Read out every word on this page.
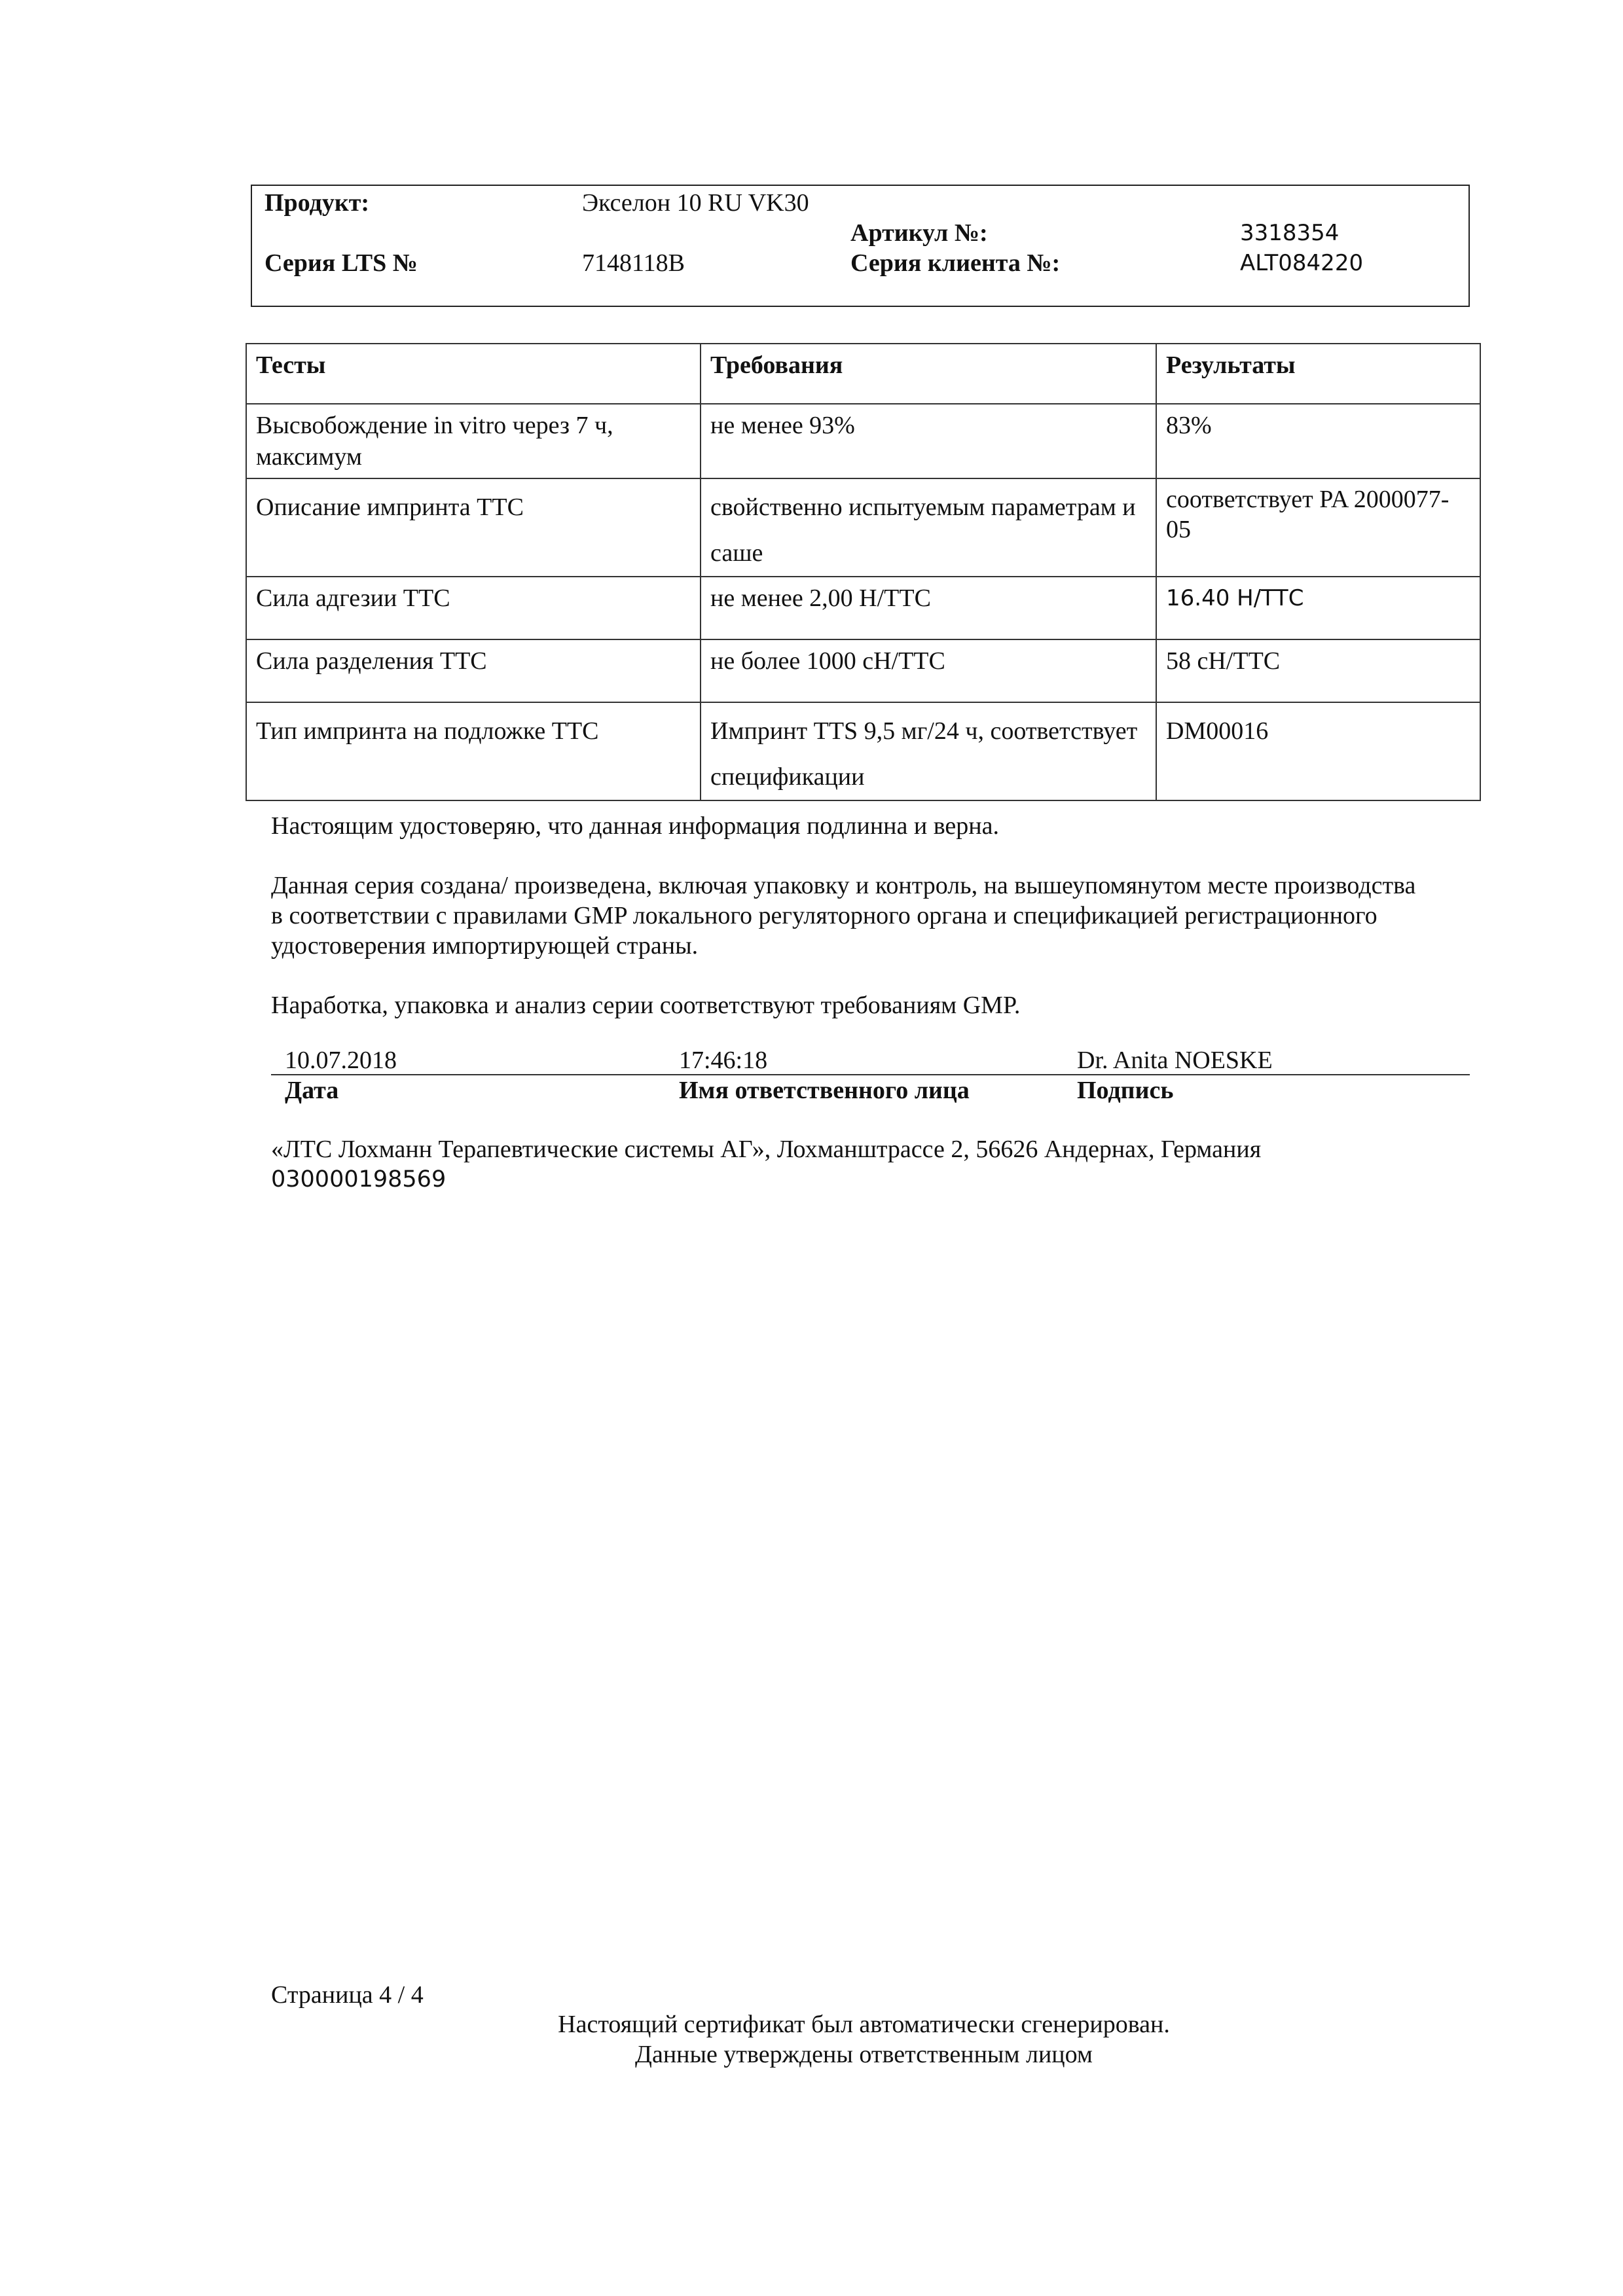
Продукт:	Экселон 10 RU VK30
Артикул №:	3318354
Серия LTS №	7148118B	Серия клиента №:	ALT084220
Тесты	Требования	Результаты
Высвобождение in vitro через 7 ч, максимум	не менее 93%	83%
Описание импринта ТТС	свойственно испытуемым параметрам и саше	соответствует PA 2000077-05
Сила адгезии ТТС	не менее 2,00 Н/ТТС	16.40 Н/ТТС
Сила разделения ТТС	не более 1000 сН/ТТС	58 сН/ТТС
Тип импринта на подложке ТТС	Импринт TTS 9,5 мг/24 ч, соответствует спецификации	DM00016
Настоящим удостоверяю, что данная информация подлинна и верна.
Данная серия создана/ произведена, включая упаковку и контроль, на вышеупомянутом месте производства
в соответствии с правилами GMP локального регуляторного органа и спецификацией регистрационного
удостоверения импортирующей страны.
Наработка, упаковка и анализ серии соответствуют требованиям GMP.
10.07.2018	17:46:18	Dr. Anita NOESKE
Дата	Имя ответственного лица	Подпись
«ЛТС Лохманн Терапевтические системы АГ», Лохманштрассе 2, 56626 Андернах, Германия
030000198569
Страница 4 / 4
Настоящий сертификат был автоматически сгенерирован.
Данные утверждены ответственным лицом
